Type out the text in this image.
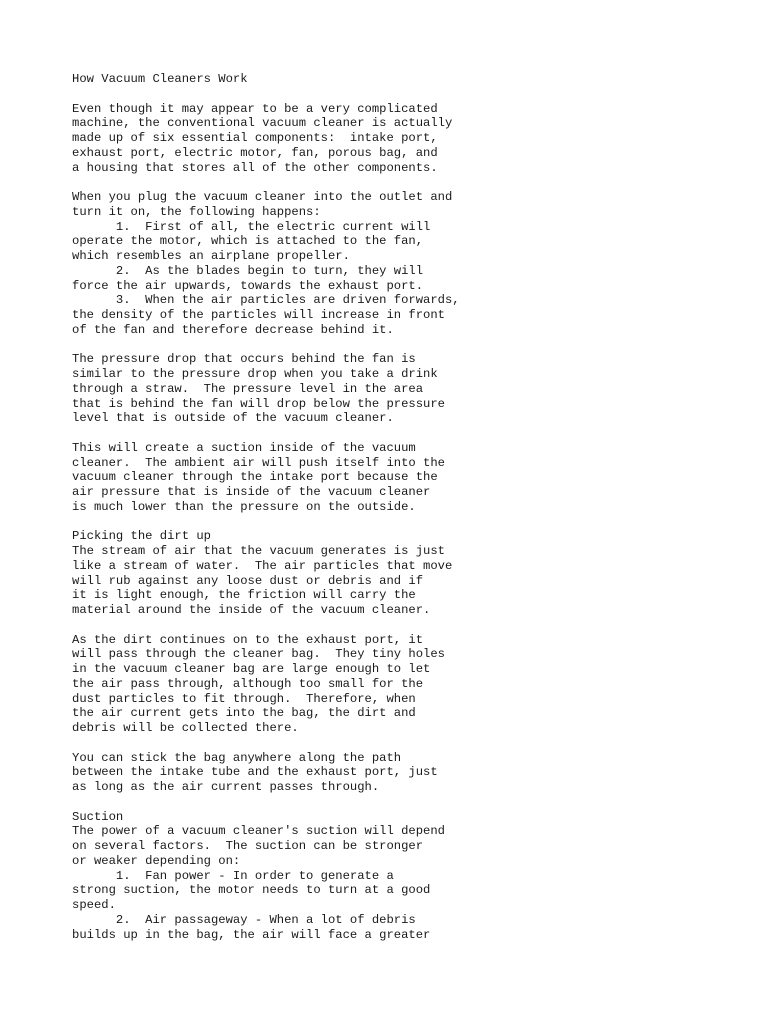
How Vacuum Cleaners Work
Even though it may appear to be a very complicated
machine, the conventional vacuum cleaner is actually
made up of six essential components:  intake port,
exhaust port, electric motor, fan, porous bag, and
a housing that stores all of the other components.
When you plug the vacuum cleaner into the outlet and
turn it on, the following happens:
1.  First of all, the electric current will
operate the motor, which is attached to the fan,
which resembles an airplane propeller.
2.  As the blades begin to turn, they will
force the air upwards, towards the exhaust port.
3.  When the air particles are driven forwards,
the density of the particles will increase in front
of the fan and therefore decrease behind it.
The pressure drop that occurs behind the fan is
similar to the pressure drop when you take a drink
through a straw.  The pressure level in the area
that is behind the fan will drop below the pressure
level that is outside of the vacuum cleaner.
This will create a suction inside of the vacuum
cleaner.  The ambient air will push itself into the
vacuum cleaner through the intake port because the
air pressure that is inside of the vacuum cleaner
is much lower than the pressure on the outside.
Picking the dirt up
The stream of air that the vacuum generates is just
like a stream of water.  The air particles that move
will rub against any loose dust or debris and if
it is light enough, the friction will carry the
material around the inside of the vacuum cleaner.
As the dirt continues on to the exhaust port, it
will pass through the cleaner bag.  They tiny holes
in the vacuum cleaner bag are large enough to let
the air pass through, although too small for the
dust particles to fit through.  Therefore, when
the air current gets into the bag, the dirt and
debris will be collected there.
You can stick the bag anywhere along the path
between the intake tube and the exhaust port, just
as long as the air current passes through.
Suction
The power of a vacuum cleaner's suction will depend
on several factors.  The suction can be stronger
or weaker depending on:
1.  Fan power - In order to generate a
strong suction, the motor needs to turn at a good
speed.
2.  Air passageway - When a lot of debris
builds up in the bag, the air will face a greater
